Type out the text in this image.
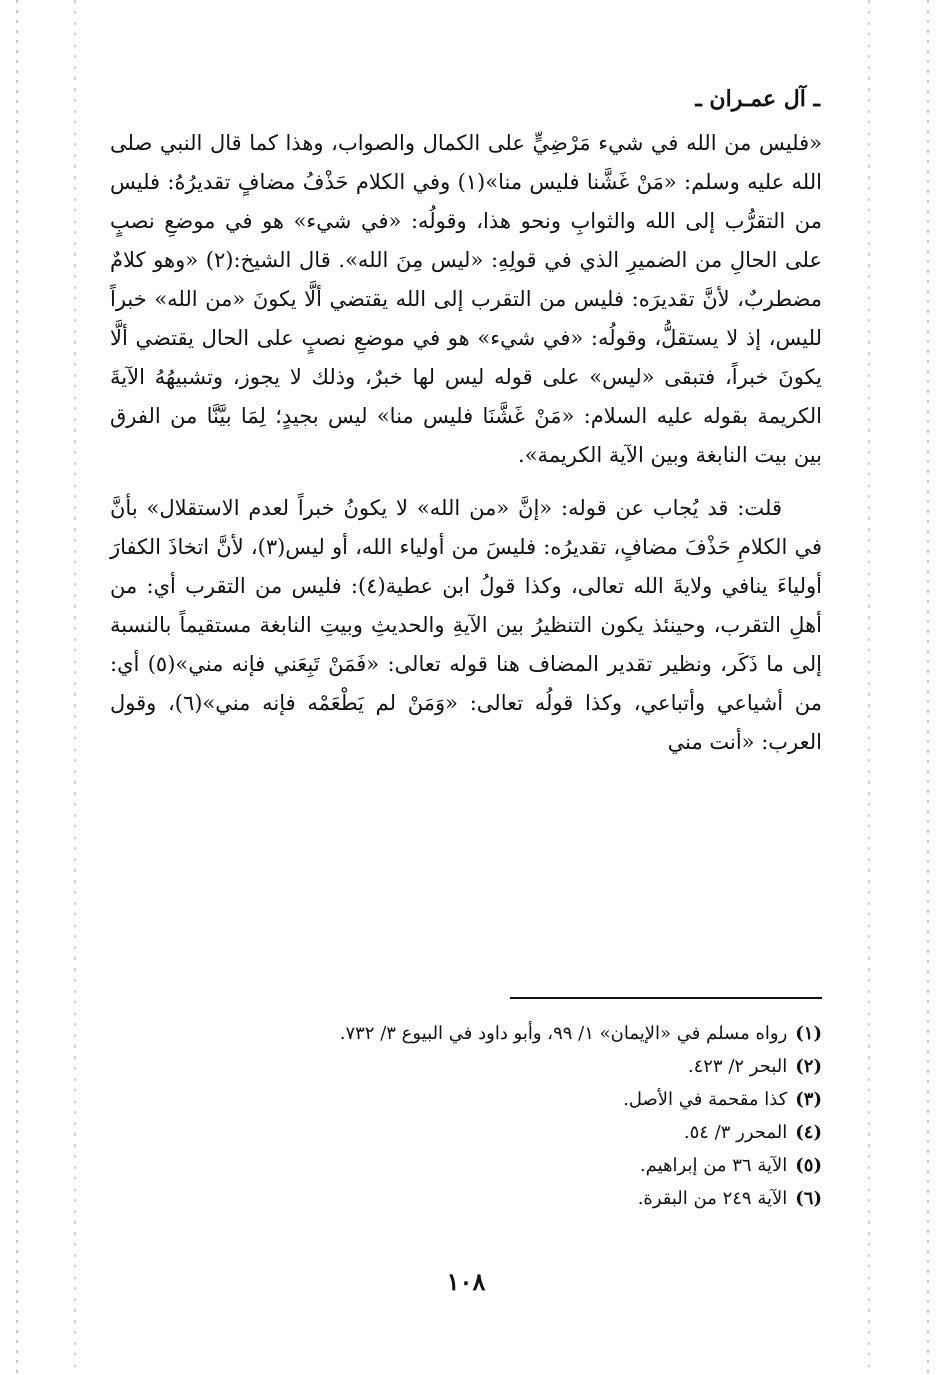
ـ آل عمـران ـ

«فليس من الله في شيء مَرْضِيٍّ على الكمال والصواب، وهذا كما قال النبي صلى الله عليه وسلم: «مَنْ غَشَّنا فليس منا»(١) وفي الكلام حَذْفُ مضافٍ تقديرُهُ: فليس من التقرُّب إلى الله والثوابِ ونحو هذا، وقولُه: «في شيء» هو في موضعِ نصبٍ على الحالِ من الضميرِ الذي في قولِهِ: «ليس مِنَ الله». قال الشيخ:(٢) «وهو كلامٌ مضطربٌ، لأنَّ تقديرَه: فليس من التقرب إلى الله يقتضي ألَّا يكونَ «من الله» خبراً لليس، إذ لا يستقلُّ، وقولُه: «في شيء» هو في موضعِ نصبٍ على الحال يقتضي ألَّا يكونَ خبراً، فتبقى «ليس» على قوله ليس لها خبرٌ، وذلك لا يجوز، وتشبيهُهُ الآيةَ الكريمة بقوله عليه السلام: «مَنْ غَشَّنَا فليس منا» ليس بجيدٍ؛ لِمَا بيَّنَّا من الفرق بين بيت النابغة وبين الآية الكريمة».

قلت: قد يُجاب عن قوله: «إنَّ «من الله» لا يكونُ خبراً لعدم الاستقلال» بأنَّ في الكلامِ حَذْفَ مضافٍ، تقديرُه: فليسَ من أولياء الله، أو ليس(٣)، لأنَّ اتخاذَ الكفارَ أولياءَ ينافي ولايةَ الله تعالى، وكذا قولُ ابن عطية(٤): فليس من التقرب أي: من أهلِ التقرب، وحينئذ يكون التنظيرُ بين الآيةِ والحديثِ وبيتِ النابغة مستقيماً بالنسبة إلى ما ذَكَر، ونظير تقدير المضاف هنا قوله تعالى: «فَمَنْ تَبِعَني فإنه مني»(٥) أي: من أشياعي وأتباعي، وكذا قولُه تعالى: «وَمَنْ لم يَطْعَمْه فإنه مني»(٦)، وقول العرب: «أنت مني

(١)رواه مسلم في «الإيمان» ١/ ٩٩، وأبو داود في البيوع ٣/ ٧٣٢.
(٢)البحر ٢/ ٤٢٣.
(٣)كذا مقحمة في الأصل.
(٤)المحرر ٣/ ٥٤.
(٥)الآية ٣٦ من إبراهيم.
(٦)الآية ٢٤٩ من البقرة.
١٠٨
